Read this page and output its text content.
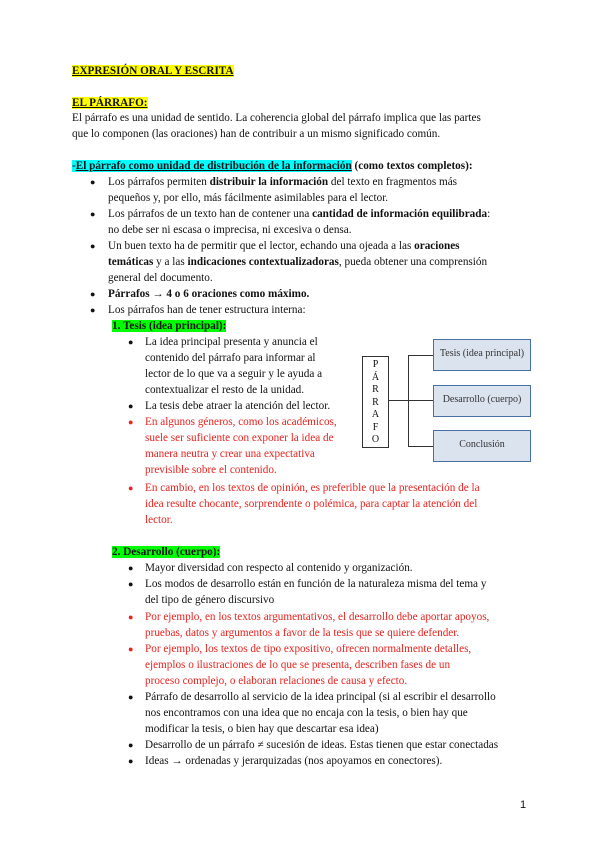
EXPRESIÓN ORAL Y ESCRITA
EL PÁRRAFO:
El párrafo es una unidad de sentido. La coherencia global del párrafo implica que las partes
que lo componen (las oraciones) han de contribuir a un mismo significado común.
-El párrafo como unidad de distribución de la información (como textos completos):
● Los párrafos permiten distribuir la información del texto en fragmentos más
pequeños y, por ello, más fácilmente asimilables para el lector.
● Los párrafos de un texto han de contener una cantidad de información equilibrada:
no debe ser ni escasa o imprecisa, ni excesiva o densa.
● Un buen texto ha de permitir que el lector, echando una ojeada a las oraciones
temáticas y a las indicaciones contextualizadoras, pueda obtener una comprensión
general del documento.
● Párrafos → 4 o 6 oraciones como máximo.
● Los párrafos han de tener estructura interna:
1. Tesis (idea principal):
● La idea principal presenta y anuncia el
contenido del párrafo para informar al
lector de lo que va a seguir y le ayuda a
contextualizar el resto de la unidad.
● La tesis debe atraer la atención del lector.
● En algunos géneros, como los académicos,
suele ser suficiente con exponer la idea de
manera neutra y crear una expectativa
previsible sobre el contenido.
● En cambio, en los textos de opinión, es preferible que la presentación de la
idea resulte chocante, sorprendente o polémica, para captar la atención del
lector.
P
Á
R
R
A
F
O
Tesis (idea principal)
Desarrollo (cuerpo)
Conclusión
2. Desarrollo (cuerpo):
● Mayor diversidad con respecto al contenido y organización.
● Los modos de desarrollo están en función de la naturaleza misma del tema y
del tipo de género discursivo
● Por ejemplo, en los textos argumentativos, el desarrollo debe aportar apoyos,
pruebas, datos y argumentos a favor de la tesis que se quiere defender.
● Por ejemplo, los textos de tipo expositivo, ofrecen normalmente detalles,
ejemplos o ilustraciones de lo que se presenta, describen fases de un
proceso complejo, o elaboran relaciones de causa y efecto.
● Párrafo de desarrollo al servicio de la idea principal (si al escribir el desarrollo
nos encontramos con una idea que no encaja con la tesis, o bien hay que
modificar la tesis, o bien hay que descartar esa idea)
● Desarrollo de un párrafo ≠ sucesión de ideas. Estas tienen que estar conectadas
● Ideas → ordenadas y jerarquizadas (nos apoyamos en conectores).
1
